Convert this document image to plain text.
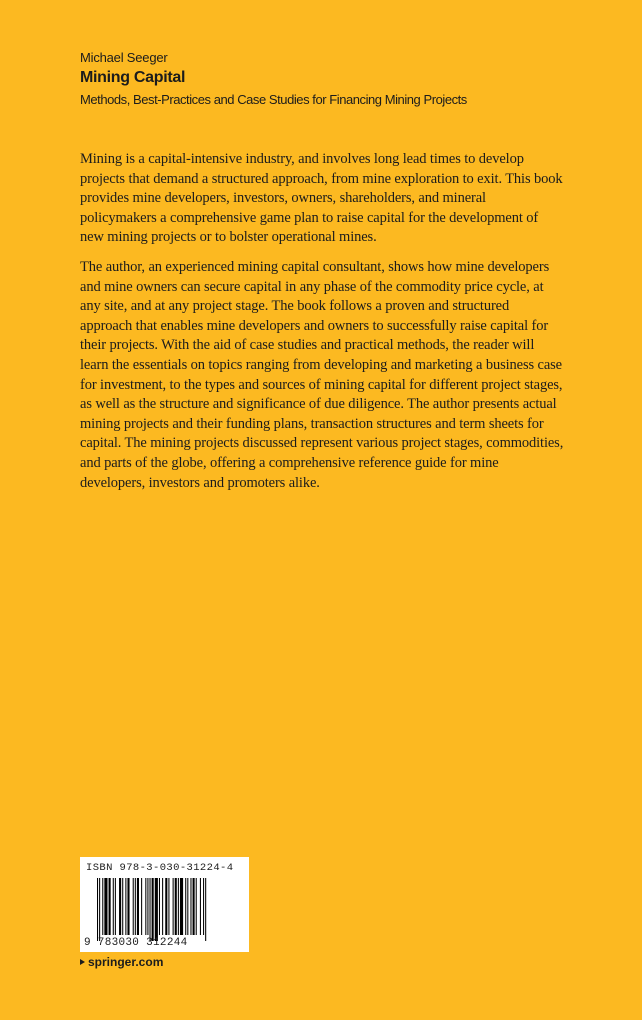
Michael Seeger
Mining Capital
Methods, Best-Practices and Case Studies for Financing Mining Projects

Mining is a capital-intensive industry, and involves long lead times to develop projects that demand a structured approach, from mine exploration to exit. This book provides mine developers, investors, owners, shareholders, and mineral policymakers a comprehensive game plan to raise capital for the development of new mining projects or to bolster operational mines.

The author, an experienced mining capital consultant, shows how mine developers and mine owners can secure capital in any phase of the commodity price cycle, at any site, and at any project stage. The book follows a proven and structured approach that enables mine developers and owners to successfully raise capital for their projects. With the aid of case studies and practical methods, the reader will learn the essentials on topics ranging from developing and marketing a business case for investment, to the types and sources of mining capital for different project stages, as well as the structure and significance of due diligence. The author presents actual mining projects and their funding plans, transaction structures and term sheets for capital. The mining projects discussed represent various project stages, commodities, and parts of the globe, offering a comprehensive reference guide for mine developers, investors and promoters alike.

ISBN 978-3-030-31224-4
9 783030 312244
springer.com
